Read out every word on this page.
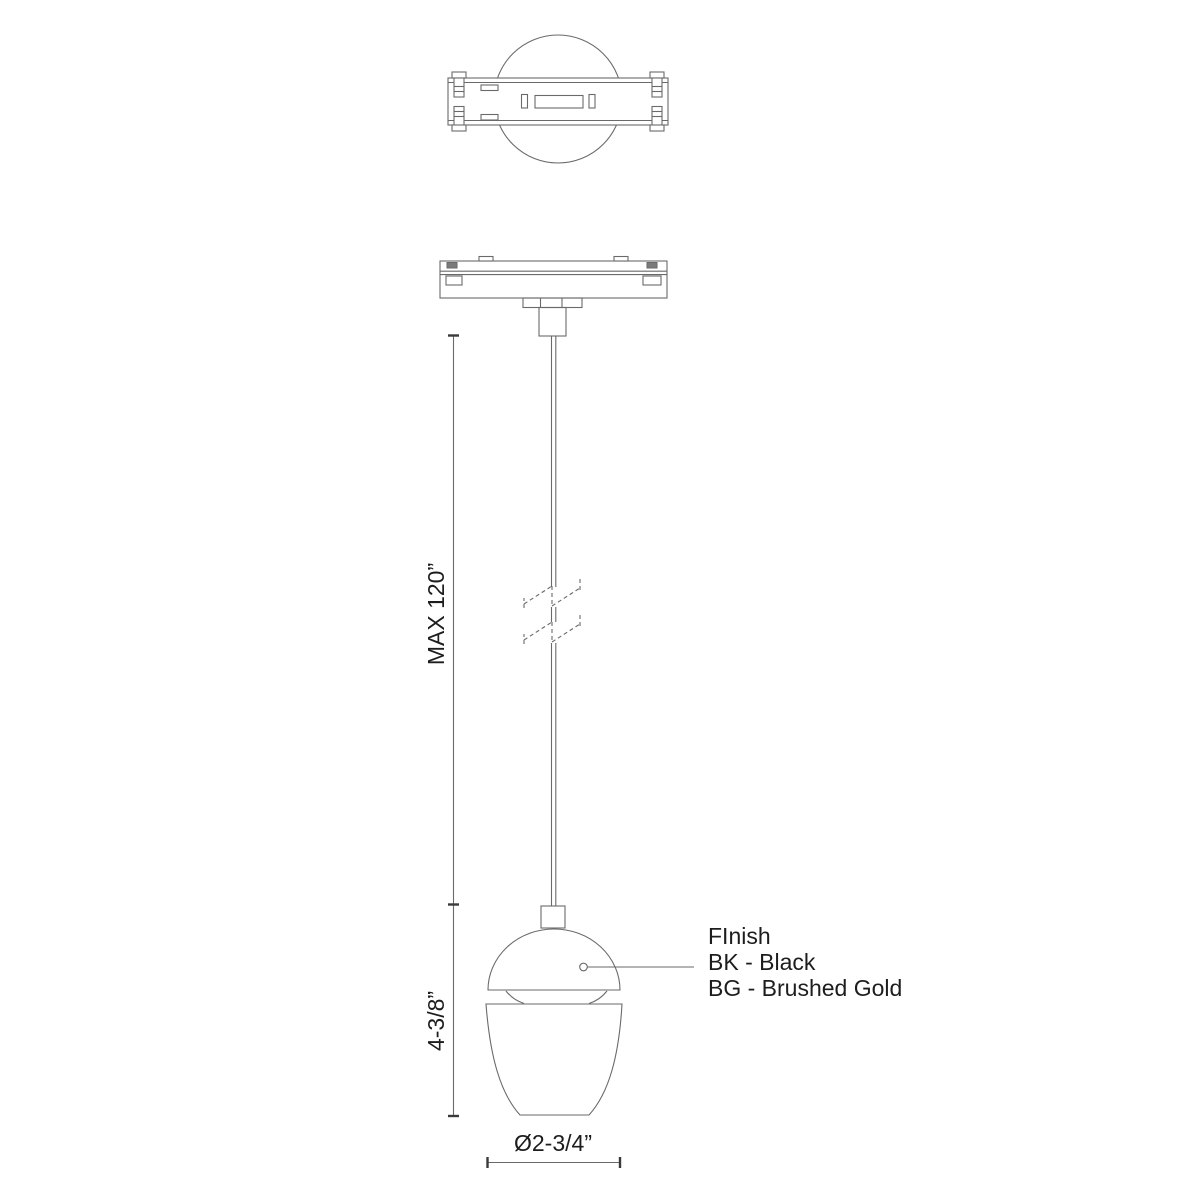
MAX 120”
4-3/8”
Ø2-3/4”
FInish
BK - Black
BG - Brushed Gold
